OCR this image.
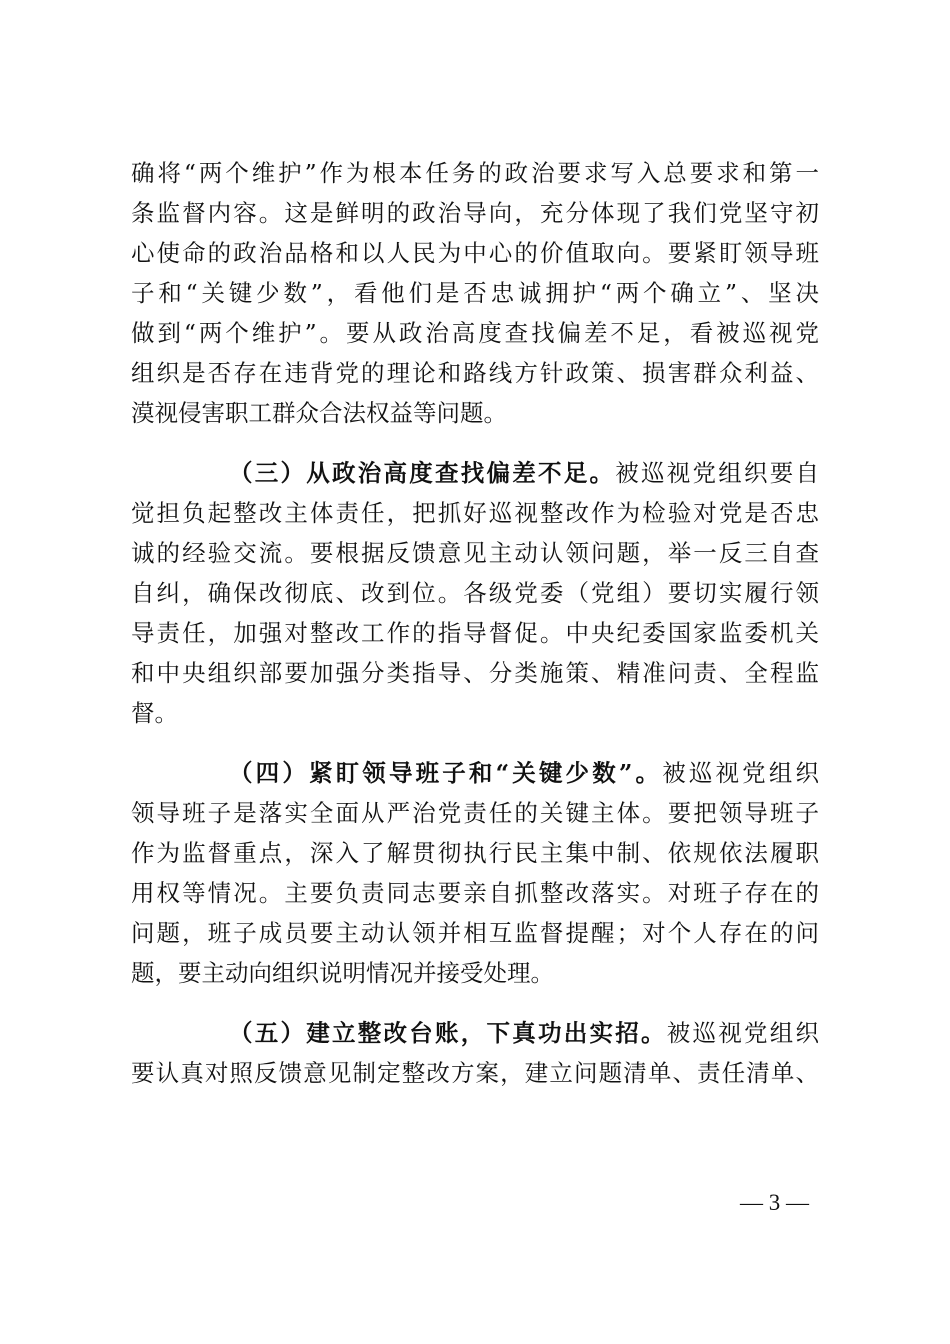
确将“两个维护”作为根本任务的政治要求写入总要求和第一
条监督内容。这是鲜明的政治导向，充分体现了我们党坚守初
心使命的政治品格和以人民为中心的价值取向。要紧盯领导班
子和“关键少数”，看他们是否忠诚拥护“两个确立”、坚决
做到“两个维护”。要从政治高度查找偏差不足，看被巡视党
组织是否存在违背党的理论和路线方针政策、损害群众利益、
漠视侵害职工群众合法权益等问题。
（三）从政治高度查找偏差不足。被巡视党组织要自
觉担负起整改主体责任，把抓好巡视整改作为检验对党是否忠
诚的经验交流。要根据反馈意见主动认领问题，举一反三自查
自纠，确保改彻底、改到位。各级党委（党组）要切实履行领
导责任，加强对整改工作的指导督促。中央纪委国家监委机关
和中央组织部要加强分类指导、分类施策、精准问责、全程监
督。
（四）紧盯领导班子和“关键少数”。被巡视党组织
领导班子是落实全面从严治党责任的关键主体。要把领导班子
作为监督重点，深入了解贯彻执行民主集中制、依规依法履职
用权等情况。主要负责同志要亲自抓整改落实。对班子存在的
问题，班子成员要主动认领并相互监督提醒；对个人存在的问
题，要主动向组织说明情况并接受处理。
（五）建立整改台账，下真功出实招。被巡视党组织
要认真对照反馈意见制定整改方案，建立问题清单、责任清单、
— 3 —
